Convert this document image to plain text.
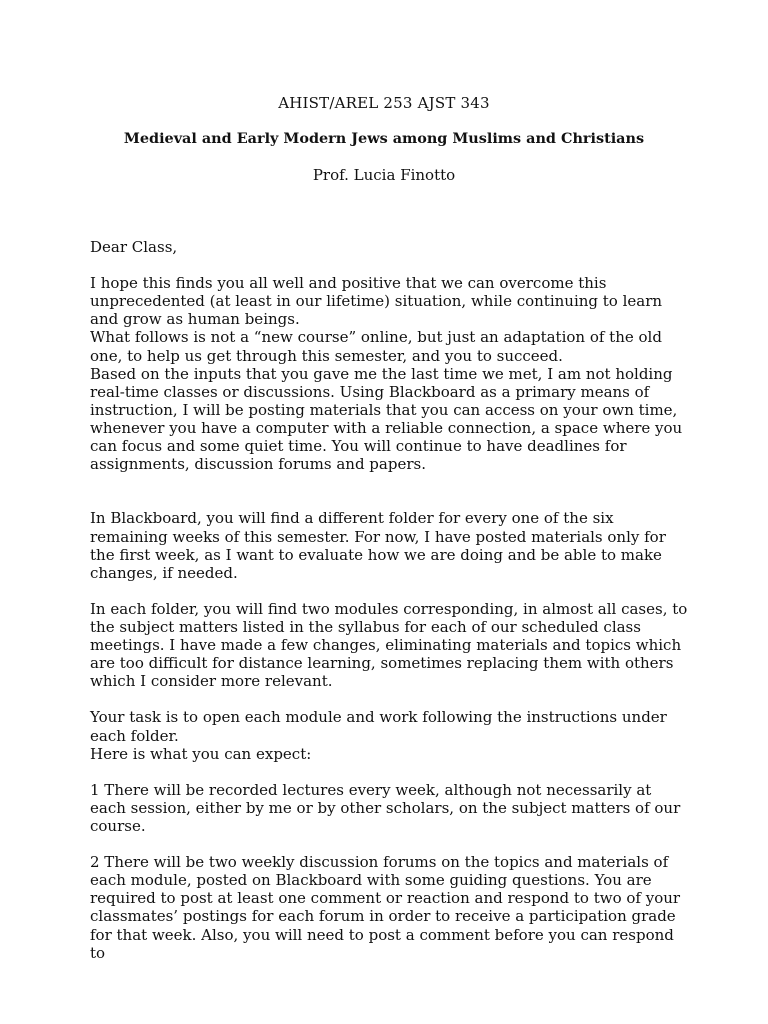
AHIST/AREL 253 AJST 343
Medieval and Early Modern Jews among Muslims and Christians
Prof. Lucia Finotto

Dear Class,

I hope this finds you all well and positive that we can overcome this unprecedented (at least in our lifetime) situation, while continuing to learn and grow as human beings.

What follows is not a “new course” online, but just an adaptation of the old one, to help us get through this semester, and you to succeed.

Based on the inputs that you gave me the last time we met, I am not holding real-time classes or discussions. Using Blackboard as a primary means of instruction, I will be posting materials that you can access on your own time, whenever you have a computer with a reliable connection, a space where you can focus and some quiet time. You will continue to have deadlines for assignments, discussion forums and papers.

In Blackboard, you will find a different folder for every one of the six remaining weeks of this semester. For now, I have posted materials only for the first week, as I want to evaluate how we are doing and be able to make changes, if needed.

In each folder, you will find two modules corresponding, in almost all cases, to the subject matters listed in the syllabus for each of our scheduled class meetings. I have made a few changes, eliminating materials and topics which are too difficult for distance learning, sometimes replacing them with others which I consider more relevant.

Your task is to open each module and work following the instructions under each folder.

Here is what you can expect:

1 There will be recorded lectures every week, although not necessarily at each session, either by me or by other scholars, on the subject matters of our course.

2 There will be two weekly discussion forums on the topics and materials of each module, posted on Blackboard with some guiding questions. You are required to post at least one comment or reaction and respond to two of your classmates’ postings for each forum in order to receive a participation grade for that week. Also, you will need to post a comment before you can respond to
